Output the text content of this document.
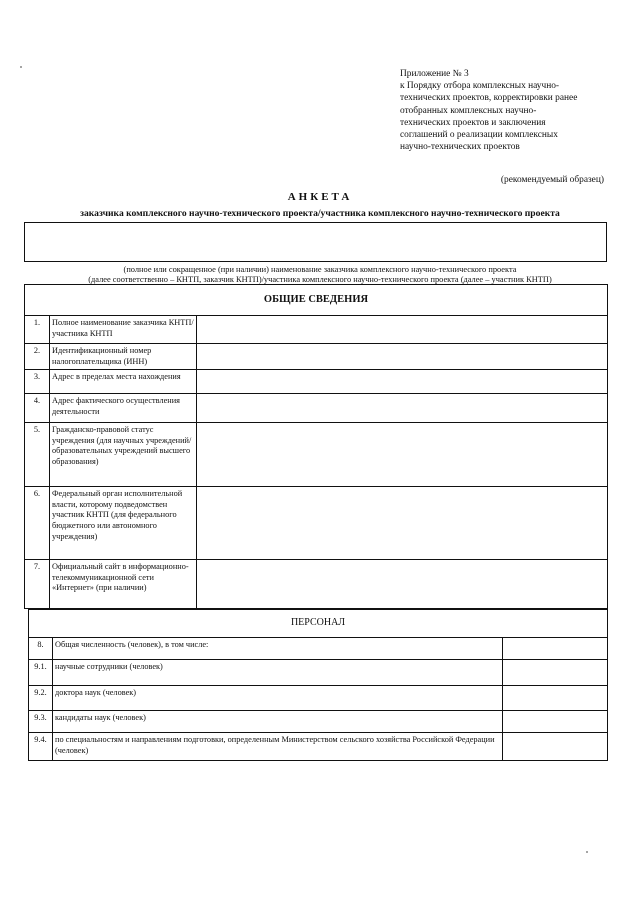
Приложение № 3
к Порядку отбора комплексных научно-
технических проектов, корректировки ранее
отобранных комплексных научно-
технических проектов и заключения
соглашений о реализации комплексных
научно-технических проектов
(рекомендуемый образец)
АНКЕТА
заказчика комплексного научно-технического проекта/участника комплексного научно-технического проекта
(полное или сокращенное (при наличии) наименование заказчика комплексного научно-технического проекта
(далее соответственно – КНТП, заказчик КНТП)/участника комплексного научно-технического проекта (далее – участник КНТП)
ОБЩИЕ СВЕДЕНИЯ		
1.	Полное наименование заказчика КНТП/участника КНТП	
2.	Идентификационный номер налогоплательщика (ИНН)	
3.	Адрес в пределах места нахождения	
4.	Адрес фактического осуществления деятельности	
5.	Гражданско-правовой статус учреждения (для научных учреждений/ образовательных учреждений высшего образования)	
6.	Федеральный орган исполнительной власти, которому подведомствен участник КНТП (для федерального бюджетного или автономного учреждения)	
7.	Официальный сайт в информационно-телекоммуникационной сети «Интернет» (при наличии)	
ПЕРСОНАЛ		
8.	Общая численность (человек), в том числе:	
9.1.	научные сотрудники (человек)	
9.2.	доктора наук (человек)	
9.3.	кандидаты наук (человек)	
9.4.	по специальностям и направлениям подготовки, определенным Министерством сельского хозяйства Российской Федерации (человек)	
